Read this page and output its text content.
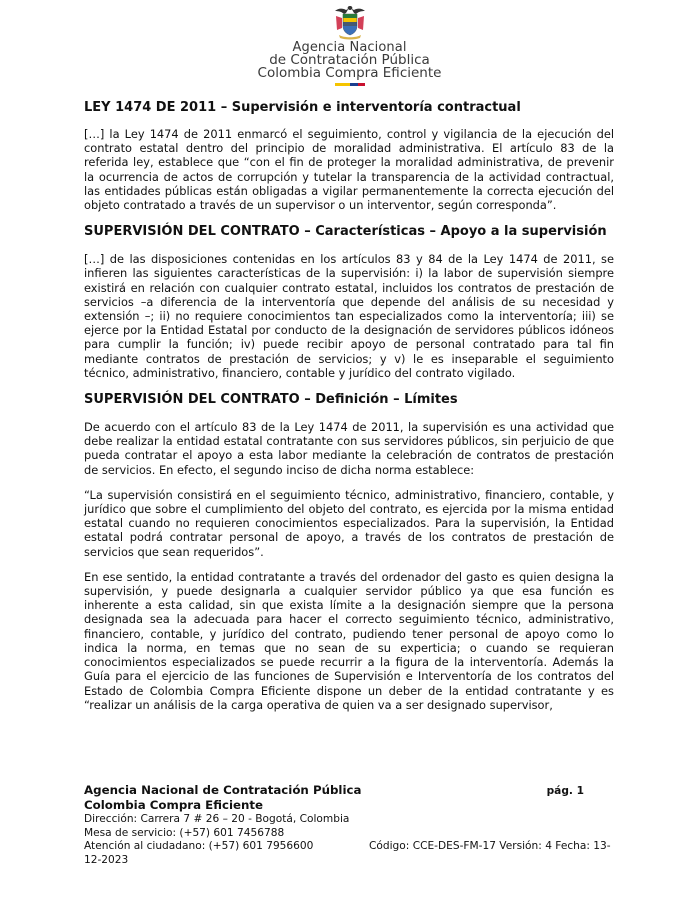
Agencia Nacional
de Contratación Pública
Colombia Compra Eficiente
LEY 1474 DE 2011 – Supervisión e interventoría contractual

[…] la Ley 1474 de 2011 enmarcó el seguimiento, control y vigilancia de la ejecución del contrato estatal dentro del principio de moralidad administrativa. El artículo 83 de la referida ley, establece que “con el fin de proteger la moralidad administrativa, de prevenir la ocurrencia de actos de corrupción y tutelar la transparencia de la actividad contractual, las entidades públicas están obligadas a vigilar permanentemente la correcta ejecución del objeto contratado a través de un supervisor o un interventor, según corresponda”.

SUPERVISIÓN DEL CONTRATO – Características – Apoyo a la supervisión

[…] de las disposiciones contenidas en los artículos 83 y 84 de la Ley 1474 de 2011, se infieren las siguientes características de la supervisión: i) la labor de supervisión siempre existirá en relación con cualquier contrato estatal, incluidos los contratos de prestación de servicios –a diferencia de la interventoría que depende del análisis de su necesidad y extensión –; ii) no requiere conocimientos tan especializados como la interventoría; iii) se ejerce por la Entidad Estatal por conducto de la designación de servidores públicos idóneos para cumplir la función; iv) puede recibir apoyo de personal contratado para tal fin mediante contratos de prestación de servicios; y v) le es inseparable el seguimiento técnico, administrativo, financiero, contable y jurídico del contrato vigilado.

SUPERVISIÓN DEL CONTRATO – Definición – Límites

De acuerdo con el artículo 83 de la Ley 1474 de 2011, la supervisión es una actividad que debe realizar la entidad estatal contratante con sus servidores públicos, sin perjuicio de que pueda contratar el apoyo a esta labor mediante la celebración de contratos de prestación de servicios. En efecto, el segundo inciso de dicha norma establece:

“La supervisión consistirá en el seguimiento técnico, administrativo, financiero, contable, y jurídico que sobre el cumplimiento del objeto del contrato, es ejercida por la misma entidad estatal cuando no requieren conocimientos especializados. Para la supervisión, la Entidad estatal podrá contratar personal de apoyo, a través de los contratos de prestación de servicios que sean requeridos”.

En ese sentido, la entidad contratante a través del ordenador del gasto es quien designa la supervisión, y puede designarla a cualquier servidor público ya que esa función es inherente a esta calidad, sin que exista límite a la designación siempre que la persona designada sea la adecuada para hacer el correcto seguimiento técnico, administrativo, financiero, contable, y jurídico del contrato, pudiendo tener personal de apoyo como lo indica la norma, en temas que no sean de su experticia; o cuando se requieran conocimientos especializados se puede recurrir a la figura de la interventoría. Además la Guía para el ejercicio de las funciones de Supervisión e Interventoría de los contratos del Estado de Colombia Compra Eficiente dispone un deber de la entidad contratante y es “realizar un análisis de la carga operativa de quien va a ser designado supervisor,

Agencia Nacional de Contratación Pública
Colombia Compra Eficiente
pág. 1
Dirección: Carrera 7 # 26 – 20 - Bogotá, Colombia
Mesa de servicio: (+57) 601 7456788
Atención al ciudadano: (+57) 601 7956600	Código: CCE-DES-FM-17 Versión: 4 Fecha: 13-
12-2023
